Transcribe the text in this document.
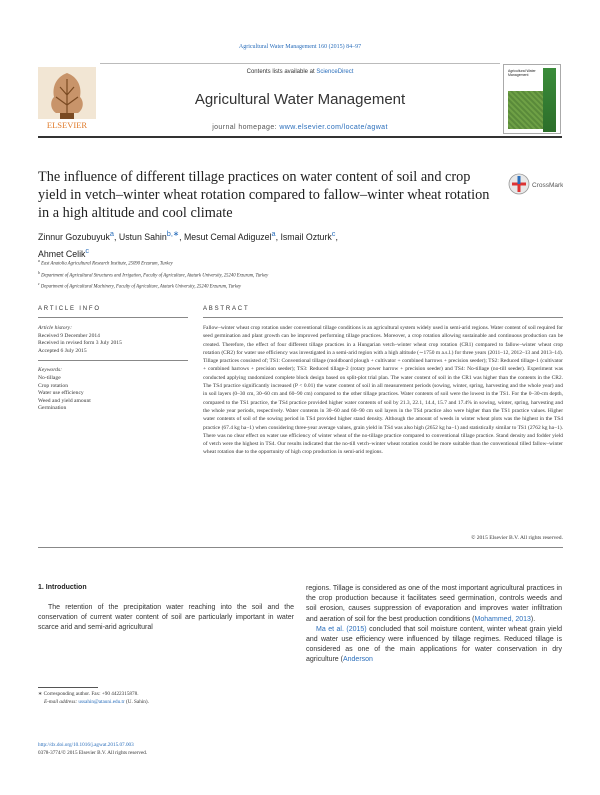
Agricultural Water Management 160 (2015) 84–97
ELSEVIER
Contents lists available at ScienceDirect
Agricultural Water Management
journal homepage: www.elsevier.com/locate/agwat
Agricultural Water Management
The influence of different tillage practices on water content of soil and crop yield in vetch–winter wheat rotation compared to fallow–winter wheat rotation in a high altitude and cool climate
CrossMark
Zinnur Gozubuyuk$^a$, Ustun Sahin$^{b,∗}$, Mesut Cemal Adiguzel$^a$, Ismail Ozturk$^c$,
Ahmet Celik$^c$
$^a$ East Anatolia Agricultural Research Institute, 25090 Erzurum, Turkey
$^b$ Department of Agricultural Structures and Irrigation, Faculty of Agriculture, Ataturk University, 25240 Erzurum, Turkey
$^c$ Department of Agricultural Machinery, Faculty of Agriculture, Ataturk University, 25240 Erzurum, Turkey
ARTICLE INFO	ABSTRACT
Article history:
Received 9 December 2014
Received in revised form 3 July 2015
Accepted 6 July 2015
Keywords:
No-tillage
Crop rotation
Water use efficiency
Weed and yield amount
Germination
Fallow–winter wheat crop rotation under conventional tillage conditions is an agricultural system widely used in semi-arid regions. Water content of soil required for seed germination and plant growth can be improved performing tillage practices. Moreover, a crop rotation allowing sustainable and continuous production can be created. Therefore, the effect of four different tillage practices in a Hungarian vetch–winter wheat crop rotation (CR1) compared to fallow–winter wheat crop rotation (CR2) for water use efficiency was investigated in a semi-arid region with a high altitude (∼1750 m a.s.l.) for three years (2011–12, 2012–13 and 2013–14). Tillage practices consisted of; TS1: Conventional tillage (moldboard plough + cultivator + combined harrows + precision seeder); TS2: Reduced tillage-1 (cultivator + combined harrows + precision seeder); TS3: Reduced tillage-2 (rotary power harrow + precision seeder) and TS4: No-tillage (no-till seeder). Experiment was conducted applying randomized complete block design based on split-plot trial plan. The water content of soil in the CR1 was higher than the contents in the CR2. The TS4 practice significantly increased (P < 0.01) the water content of soil in all measurement periods (sowing, winter, spring, harvesting and the whole year) and in soil layers (0–30 cm, 30–60 cm and 60–90 cm) compared to the other tillage practices. Water contents of soil were the lowest in the TS1. For the 0–30-cm depth, compared to the TS1 practice, the TS4 practice provided higher water contents of soil by 21.3, 22.1, 14.4, 15.7 and 17.4% in sowing, winter, spring, harvesting and the whole year periods, respectively. Water contents in 30–60 and 60–90 cm soil layers in the TS4 practice also were higher than the TS1 practice values. Higher water contents of soil of the sowing period in TS4 provided higher stand density. Although the amount of weeds in winter wheat plots was the highest in the TS4 practice (67.4 kg ha−1) when considering three-year average values, grain yield in TS4 was also high (2652 kg ha−1) and statistically similar to TS1 (2762 kg ha−1). There was no clear effect on water use efficiency of winter wheat of the no-tillage practice compared to conventional tillage practice. Stand density and fodder yield of vetch were the highest in TS4. Our results indicated that the no-till vetch–winter wheat rotation could be more suitable than the conventional tilled fallow–winter wheat rotation due to the opportunity of high crop production in semi-arid regions.
© 2015 Elsevier B.V. All rights reserved.
1. Introduction
The retention of the precipitation water reaching into the soil and the conservation of current water content of soil are particularly important in water scarce arid and semi-arid agricultural

regions. Tillage is considered as one of the most important agricultural practices in the crop production because it facilitates seed germination, controls weeds and soil erosion, causes suppression of evaporation and improves water infiltration and aeration of soil for the best production conditions (Mohammed, 2013).

Ma et al. (2015) concluded that soil moisture content, winter wheat grain yield and water use efficiency were influenced by tillage regimes. Reduced tillage is considered as one of the main applications for water conservation in dry agriculture (Anderson

∗ Corresponding author. Fax: +90 4422315878.
E-mail address: ussahin@atauni.edu.tr (U. Sahin).
http://dx.doi.org/10.1016/j.agwat.2015.07.003
0378-3774/© 2015 Elsevier B.V. All rights reserved.
